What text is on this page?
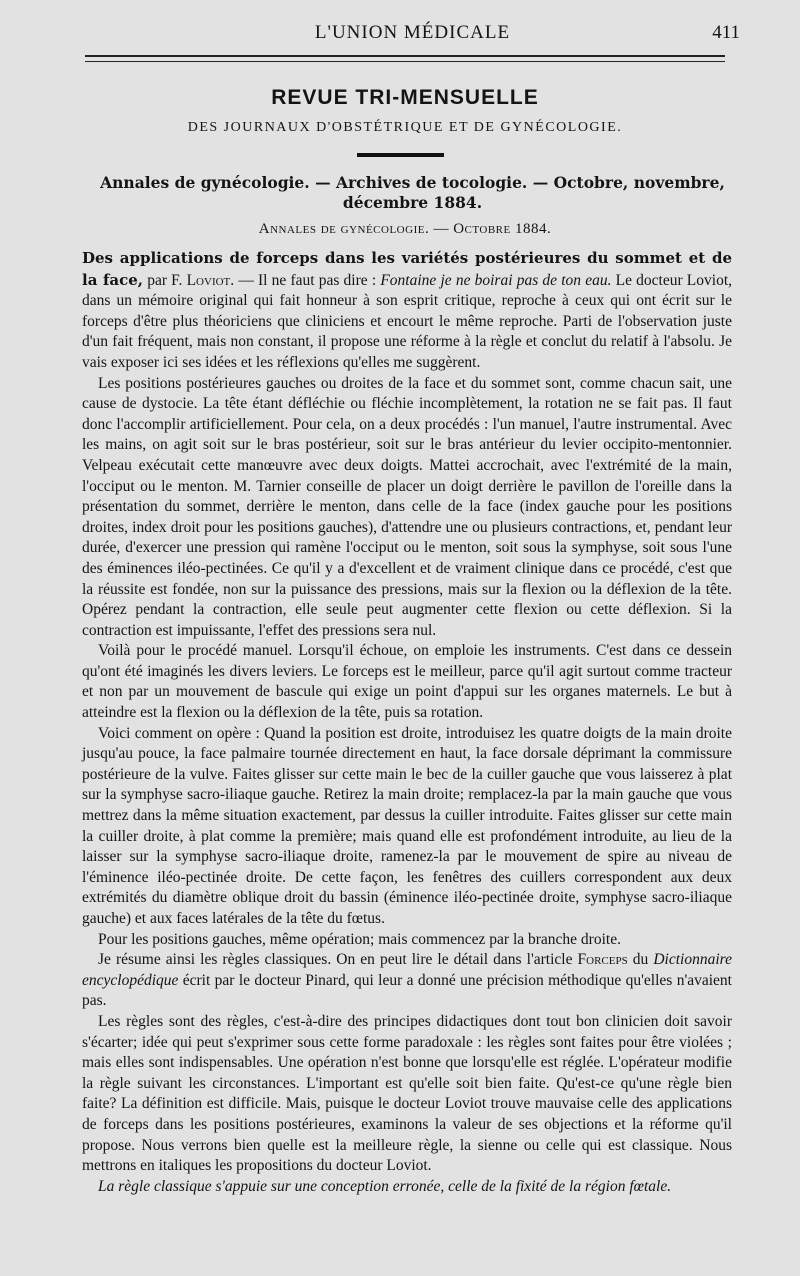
L'UNION MÉDICALE	411
REVUE TRI-MENSUELLE
DES JOURNAUX D'OBSTÉTRIQUE ET DE GYNÉCOLOGIE.
Annales de gynécologie. — Archives de tocologie. — Octobre, novembre, décembre 1884.
Annales de gynécologie. — Octobre 1884.

Des applications de forceps dans les variétés postérieures du sommet et de la face, par F. Loviot. — Il ne faut pas dire : Fontaine je ne boirai pas de ton eau. Le docteur Loviot, dans un mémoire original qui fait honneur à son esprit critique, reproche à ceux qui ont écrit sur le forceps d'être plus théoriciens que cliniciens et encourt le même reproche. Parti de l'observation juste d'un fait fréquent, mais non constant, il propose une réforme à la règle et conclut du relatif à l'absolu. Je vais exposer ici ses idées et les réflexions qu'elles me suggèrent.

Les positions postérieures gauches ou droites de la face et du sommet sont, comme chacun sait, une cause de dystocie. La tête étant défléchie ou fléchie incomplètement, la rotation ne se fait pas. Il faut donc l'accomplir artificiellement. Pour cela, on a deux procédés : l'un manuel, l'autre instrumental. Avec les mains, on agit soit sur le bras postérieur, soit sur le bras antérieur du levier occipito-mentonnier. Velpeau exécutait cette manœuvre avec deux doigts. Mattei accrochait, avec l'extrémité de la main, l'occiput ou le menton. M. Tarnier conseille de placer un doigt derrière le pavillon de l'oreille dans la présentation du sommet, derrière le menton, dans celle de la face (index gauche pour les positions droites, index droit pour les positions gauches), d'attendre une ou plusieurs contractions, et, pendant leur durée, d'exercer une pression qui ramène l'occiput ou le menton, soit sous la symphyse, soit sous l'une des éminences iléo-pectinées. Ce qu'il y a d'excellent et de vraiment clinique dans ce procédé, c'est que la réussite est fondée, non sur la puissance des pressions, mais sur la flexion ou la déflexion de la tête. Opérez pendant la contraction, elle seule peut augmenter cette flexion ou cette déflexion. Si la contraction est impuissante, l'effet des pressions sera nul.

Voilà pour le procédé manuel. Lorsqu'il échoue, on emploie les instruments. C'est dans ce dessein qu'ont été imaginés les divers leviers. Le forceps est le meilleur, parce qu'il agit surtout comme tracteur et non par un mouvement de bascule qui exige un point d'appui sur les organes maternels. Le but à atteindre est la flexion ou la déflexion de la tête, puis sa rotation.

Voici comment on opère : Quand la position est droite, introduisez les quatre doigts de la main droite jusqu'au pouce, la face palmaire tournée directement en haut, la face dorsale déprimant la commissure postérieure de la vulve. Faites glisser sur cette main le bec de la cuiller gauche que vous laisserez à plat sur la symphyse sacro-iliaque gauche. Retirez la main droite; remplacez-la par la main gauche que vous mettrez dans la même situation exactement, par dessus la cuiller introduite. Faites glisser sur cette main la cuiller droite, à plat comme la première; mais quand elle est profondément introduite, au lieu de la laisser sur la symphyse sacro-iliaque droite, ramenez-la par le mouvement de spire au niveau de l'éminence iléo-pectinée droite. De cette façon, les fenêtres des cuillers correspondent aux deux extrémités du diamètre oblique droit du bassin (éminence iléo-pectinée droite, symphyse sacro-iliaque gauche) et aux faces latérales de la tête du fœtus.

Pour les positions gauches, même opération; mais commencez par la branche droite.

Je résume ainsi les règles classiques. On en peut lire le détail dans l'article Forceps du Dictionnaire encyclopédique écrit par le docteur Pinard, qui leur a donné une précision méthodique qu'elles n'avaient pas.

Les règles sont des règles, c'est-à-dire des principes didactiques dont tout bon clinicien doit savoir s'écarter; idée qui peut s'exprimer sous cette forme paradoxale : les règles sont faites pour être violées ; mais elles sont indispensables. Une opération n'est bonne que lorsqu'elle est réglée. L'opérateur modifie la règle suivant les circonstances. L'important est qu'elle soit bien faite. Qu'est-ce qu'une règle bien faite? La définition est difficile. Mais, puisque le docteur Loviot trouve mauvaise celle des applications de forceps dans les positions postérieures, examinons la valeur de ses objections et la réforme qu'il propose. Nous verrons bien quelle est la meilleure règle, la sienne ou celle qui est classique. Nous mettrons en italiques les propositions du docteur Loviot.

La règle classique s'appuie sur une conception erronée, celle de la fixité de la région fœtale.
